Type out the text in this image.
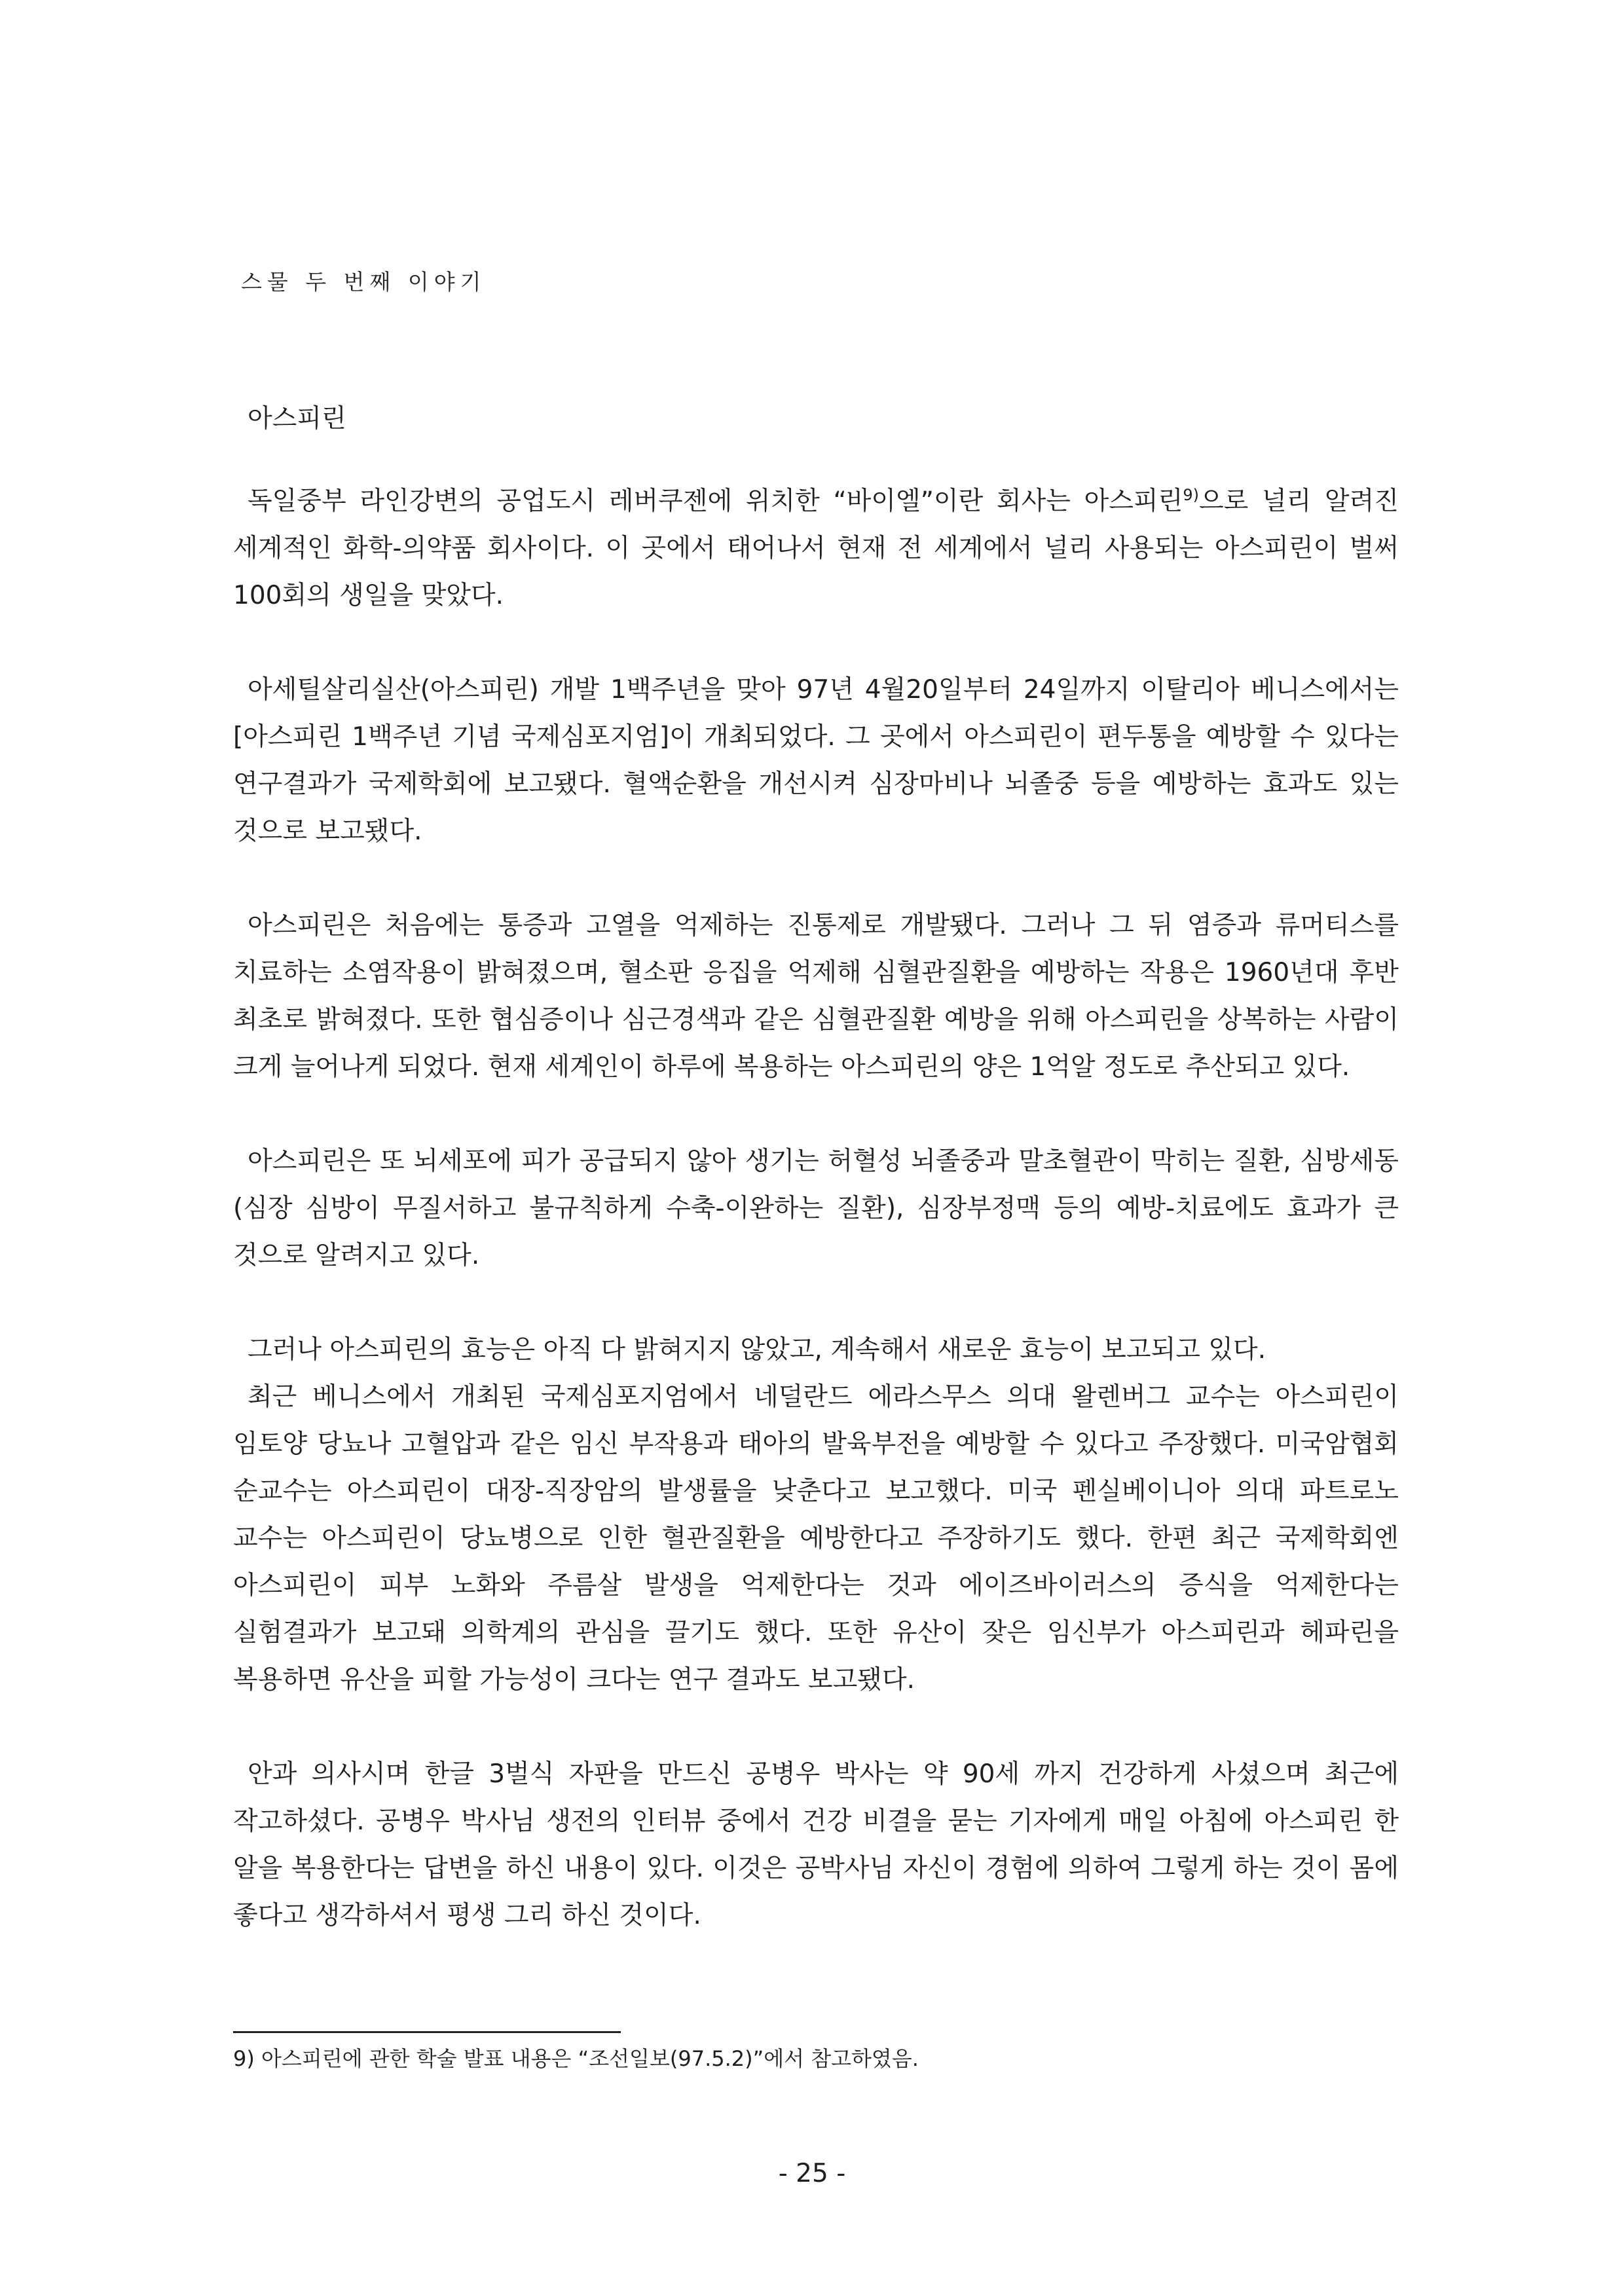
스물 두 번째 이야기
아스피린

독일중부 라인강변의 공업도시 레버쿠젠에 위치한 “바이엘”이란 회사는 아스피린$^{9)}$으로 널리 알려진 세계적인 화학-의약품 회사이다. 이 곳에서 태어나서 현재 전 세계에서 널리 사용되는 아스피린이 벌써 100회의 생일을 맞았다.

아세틸살리실산(아스피린) 개발 1백주년을 맞아 97년 4월20일부터 24일까지 이탈리아 베니스에서는 [아스피린 1백주년 기념 국제심포지엄]이 개최되었다. 그 곳에서 아스피린이 편두통을 예방할 수 있다는 연구결과가 국제학회에 보고됐다. 혈액순환을 개선시켜 심장마비나 뇌졸중 등을 예방하는 효과도 있는 것으로 보고됐다.

아스피린은 처음에는 통증과 고열을 억제하는 진통제로 개발됐다. 그러나 그 뒤 염증과 류머티스를 치료하는 소염작용이 밝혀졌으며, 혈소판 응집을 억제해 심혈관질환을 예방하는 작용은 1960년대 후반 최초로 밝혀졌다. 또한 협심증이나 심근경색과 같은 심혈관질환 예방을 위해 아스피린을 상복하는 사람이 크게 늘어나게 되었다. 현재 세계인이 하루에 복용하는 아스피린의 양은 1억알 정도로 추산되고 있다.

아스피린은 또 뇌세포에 피가 공급되지 않아 생기는 허혈성 뇌졸중과 말초혈관이 막히는 질환, 심방세동(심장 심방이 무질서하고 불규칙하게 수축-이완하는 질환), 심장부정맥 등의 예방-치료에도 효과가 큰 것으로 알려지고 있다.

그러나 아스피린의 효능은 아직 다 밝혀지지 않았고, 계속해서 새로운 효능이 보고되고 있다.

최근 베니스에서 개최된 국제심포지엄에서 네덜란드 에라스무스 의대 왈렌버그 교수는 아스피린이 임토양 당뇨나 고혈압과 같은 임신 부작용과 태아의 발육부전을 예방할 수 있다고 주장했다. 미국암협회 순교수는 아스피린이 대장-직장암의 발생률을 낮춘다고 보고했다. 미국 펜실베이니아 의대 파트로노 교수는 아스피린이 당뇨병으로 인한 혈관질환을 예방한다고 주장하기도 했다. 한편 최근 국제학회엔 아스피린이 피부 노화와 주름살 발생을 억제한다는 것과 에이즈바이러스의 증식을 억제한다는 실험결과가 보고돼 의학계의 관심을 끌기도 했다. 또한 유산이 잦은 임신부가 아스피린과 헤파린을 복용하면 유산을 피할 가능성이 크다는 연구 결과도 보고됐다.

안과 의사시며 한글 3벌식 자판을 만드신 공병우 박사는 약 90세 까지 건강하게 사셨으며 최근에 작고하셨다. 공병우 박사님 생전의 인터뷰 중에서 건강 비결을 묻는 기자에게 매일 아침에 아스피린 한 알을 복용한다는 답변을 하신 내용이 있다. 이것은 공박사님 자신이 경험에 의하여 그렇게 하는 것이 몸에 좋다고 생각하셔서 평생 그리 하신 것이다.

9) 아스피린에 관한 학술 발표 내용은 “조선일보(97.5.2)”에서 참고하였음.
- 25 -
